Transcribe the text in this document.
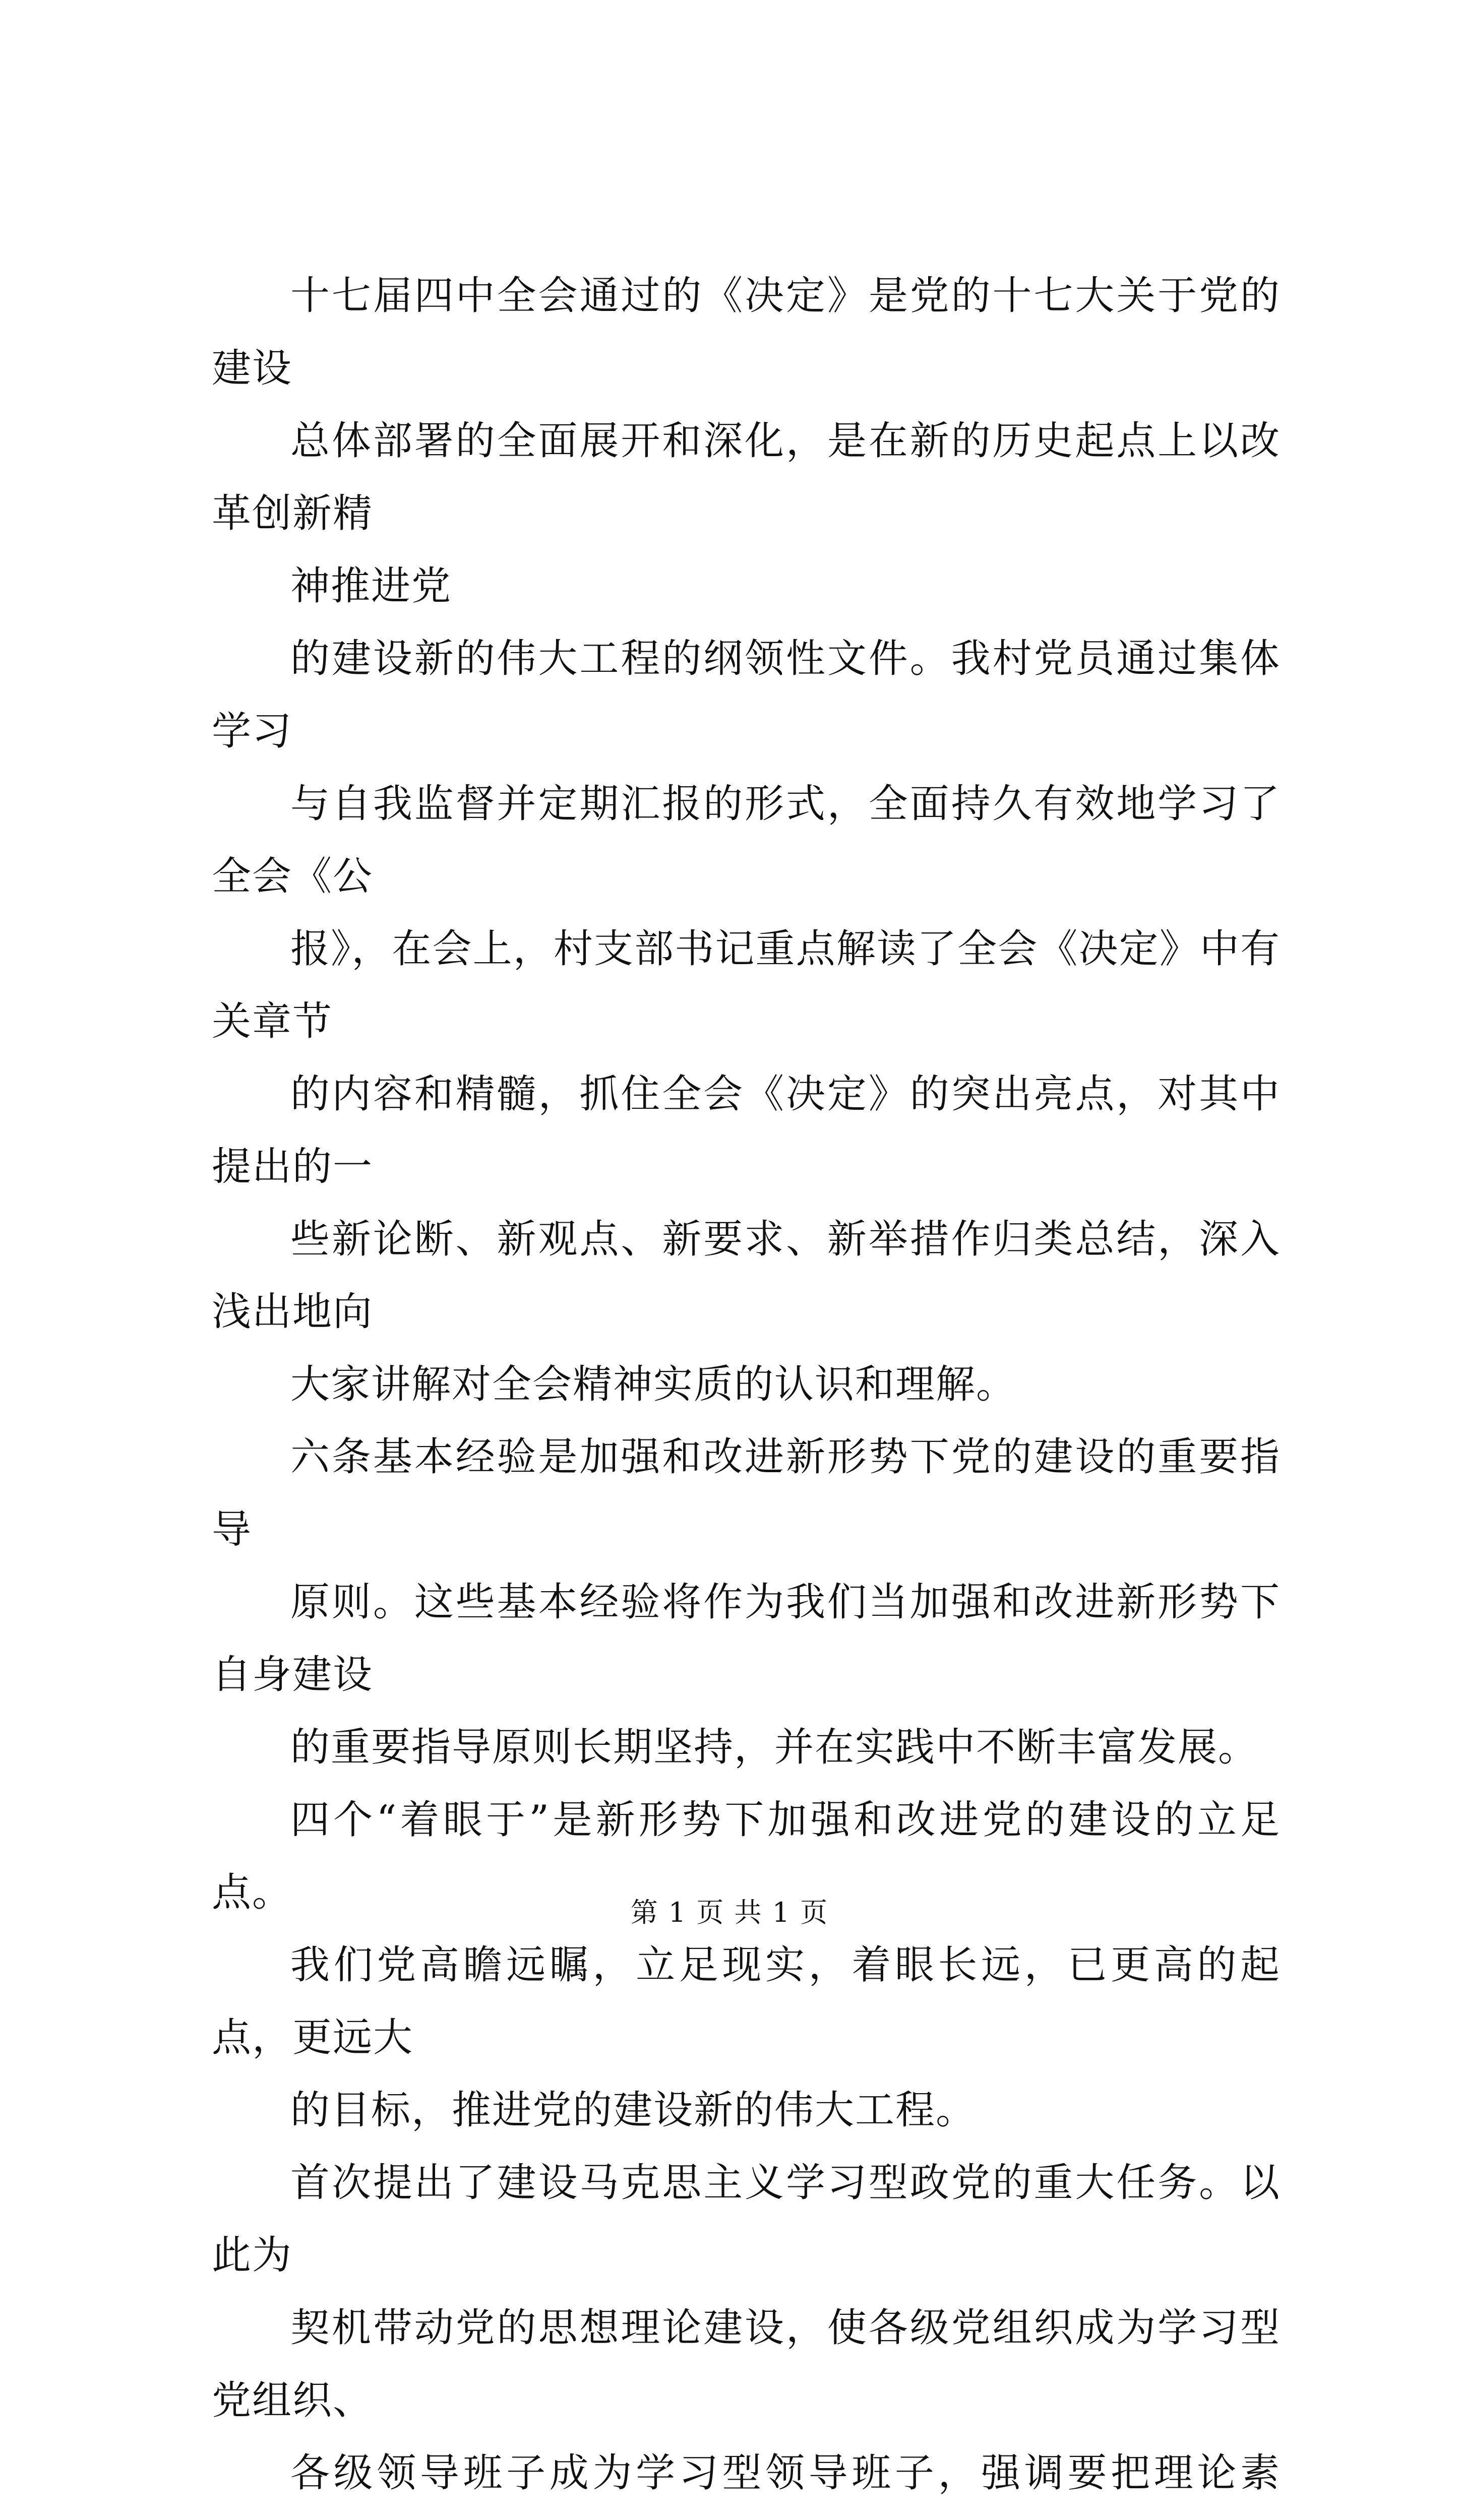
十七届四中全会通过的《决定》是党的十七大关于党的建设
总体部署的全面展开和深化，是在新的历史起点上以改革创新精
神推进党

的建设新的伟大工程的纲领性文件。我村党员通过集体学习
与自我监督并定期汇报的形式，全面持久有效地学习了全会《公
报》，在会上，村支部书记重点解读了全会《决定》中有关章节
的内容和精髓，抓住全会《决定》的突出亮点，对其中提出的一
些新论断、新观点、新要求、新举措作归类总结，深入浅出地向
大家讲解对全会精神实质的认识和理解。

六条基本经验是加强和改进新形势下党的建设的重要指导
原则。这些基本经验将作为我们当加强和改进新形势下自身建设
的重要指导原则长期坚持，并在实践中不断丰富发展。

四个“着眼于”是新形势下加强和改进党的建设的立足点。
我们党高瞻远瞩，立足现实，着眼长远，已更高的起点，更远大
的目标，推进党的建设新的伟大工程。

首次提出了建设马克思主义学习型政党的重大任务。以此为
契机带动党的思想理论建设，使各级党组织成为学习型党组织、
各级领导班子成为学习型领导班子，强调要把理论素

第 1 页 共 1 页
